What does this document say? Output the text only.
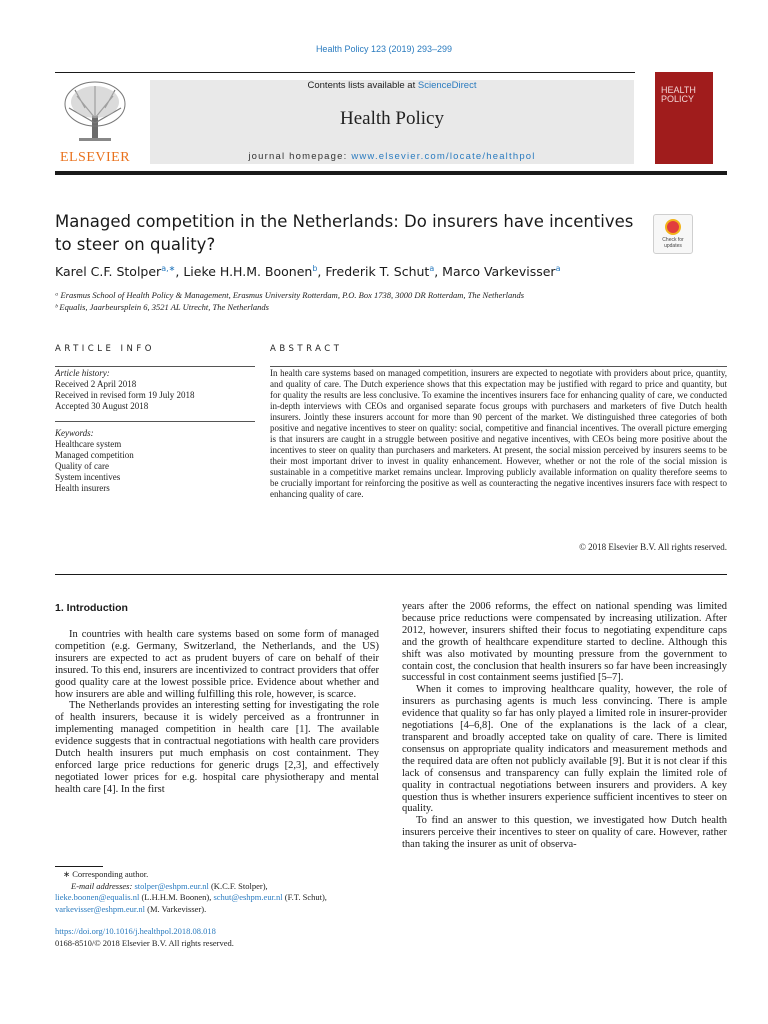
Health Policy 123 (2019) 293–299
ELSEVIER
Contents lists available at ScienceDirect
Health Policy
journal homepage: www.elsevier.com/locate/healthpol
HEALTH POLICY
Managed competition in the Netherlands: Do insurers have incentives to steer on quality?	Check for updates
Karel C.F. Stolper$^{a,∗}$, Lieke H.H.M. Boonen$^b$, Frederik T. Schut$^a$, Marco Varkevisser$^a$
ᵃ Erasmus School of Health Policy & Management, Erasmus University Rotterdam, P.O. Box 1738, 3000 DR Rotterdam, The Netherlands
ᵇ Equalis, Jaarbeursplein 6, 3521 AL Utrecht, The Netherlands
ARTICLE INFO	ABSTRACT
Article history:
Received 2 April 2018
Received in revised form 19 July 2018
Accepted 30 August 2018
Keywords:
Healthcare system
Managed competition
Quality of care
System incentives
Health insurers
In health care systems based on managed competition, insurers are expected to negotiate with providers about price, quantity, and quality of care. The Dutch experience shows that this expectation may be justified with regard to price and quantity, but for quality the results are less conclusive. To examine the incentives insurers face for enhancing quality of care, we conducted in-depth interviews with CEOs and organised separate focus groups with purchasers and marketers of five Dutch health insurers. Jointly these insurers account for more than 90 percent of the market. We distinguished three categories of both positive and negative incentives to steer on quality: social, competitive and financial incentives. The overall picture emerging is that insurers are caught in a struggle between positive and negative incentives, with CEOs being more positive about the incentives to steer on quality than purchasers and marketers. At present, the social mission perceived by insurers seems to be their most important driver to invest in quality enhancement. However, whether or not the role of the social mission is sustainable in a competitive market remains unclear. Improving publicly available information on quality therefore seems to be crucially important for reinforcing the positive as well as counteracting the negative incentives insurers face with respect to enhancing quality of care.
© 2018 Elsevier B.V. All rights reserved.
1. Introduction

In countries with health care systems based on some form of managed competition (e.g. Germany, Switzerland, the Netherlands, and the US) insurers are expected to act as prudent buyers of care on behalf of their insured. To this end, insurers are incentivized to contract providers that offer good quality care at the lowest possible price. Evidence about whether and how insurers are able and willing fulfilling this role, however, is scarce.

The Netherlands provides an interesting setting for investigating the role of health insurers, because it is widely perceived as a frontrunner in implementing managed competition in health care [1]. The available evidence suggests that in contractual negotiations with health care providers Dutch health insurers put much emphasis on cost containment. They enforced large price reductions for generic drugs [2,3], and effectively negotiated lower prices for e.g. hospital care physiotherapy and mental health care [4]. In the first

years after the 2006 reforms, the effect on national spending was limited because price reductions were compensated by increasing utilization. After 2012, however, insurers shifted their focus to negotiating expenditure caps and the growth of healthcare expenditure started to decline. Although this shift was also motivated by mounting pressure from the government to contain cost, the conclusion that health insurers so far have been increasingly successful in cost containment seems justified [5–7].

When it comes to improving healthcare quality, however, the role of insurers as purchasing agents is much less convincing. There is ample evidence that quality so far has only played a limited role in insurer-provider negotiations [4–6,8]. One of the explanations is the lack of a clear, transparent and broadly accepted take on quality of care. There is limited consensus on appropriate quality indicators and measurement methods and the required data are often not publicly available [9]. But it is not clear if this lack of consensus and transparency can fully explain the limited role of quality in contractual negotiations between insurers and providers. A key question thus is whether insurers experience sufficient incentives to steer on quality.

To find an answer to this question, we investigated how Dutch health insurers perceive their incentives to steer on quality of care. However, rather than taking the insurer as unit of observa-

∗ Corresponding author.
E-mail addresses: stolper@eshpm.eur.nl (K.C.F. Stolper),
lieke.boonen@equalis.nl (L.H.H.M. Boonen), schut@eshpm.eur.nl (F.T. Schut),
varkevisser@eshpm.eur.nl (M. Varkevisser).
https://doi.org/10.1016/j.healthpol.2018.08.018
0168-8510/© 2018 Elsevier B.V. All rights reserved.
